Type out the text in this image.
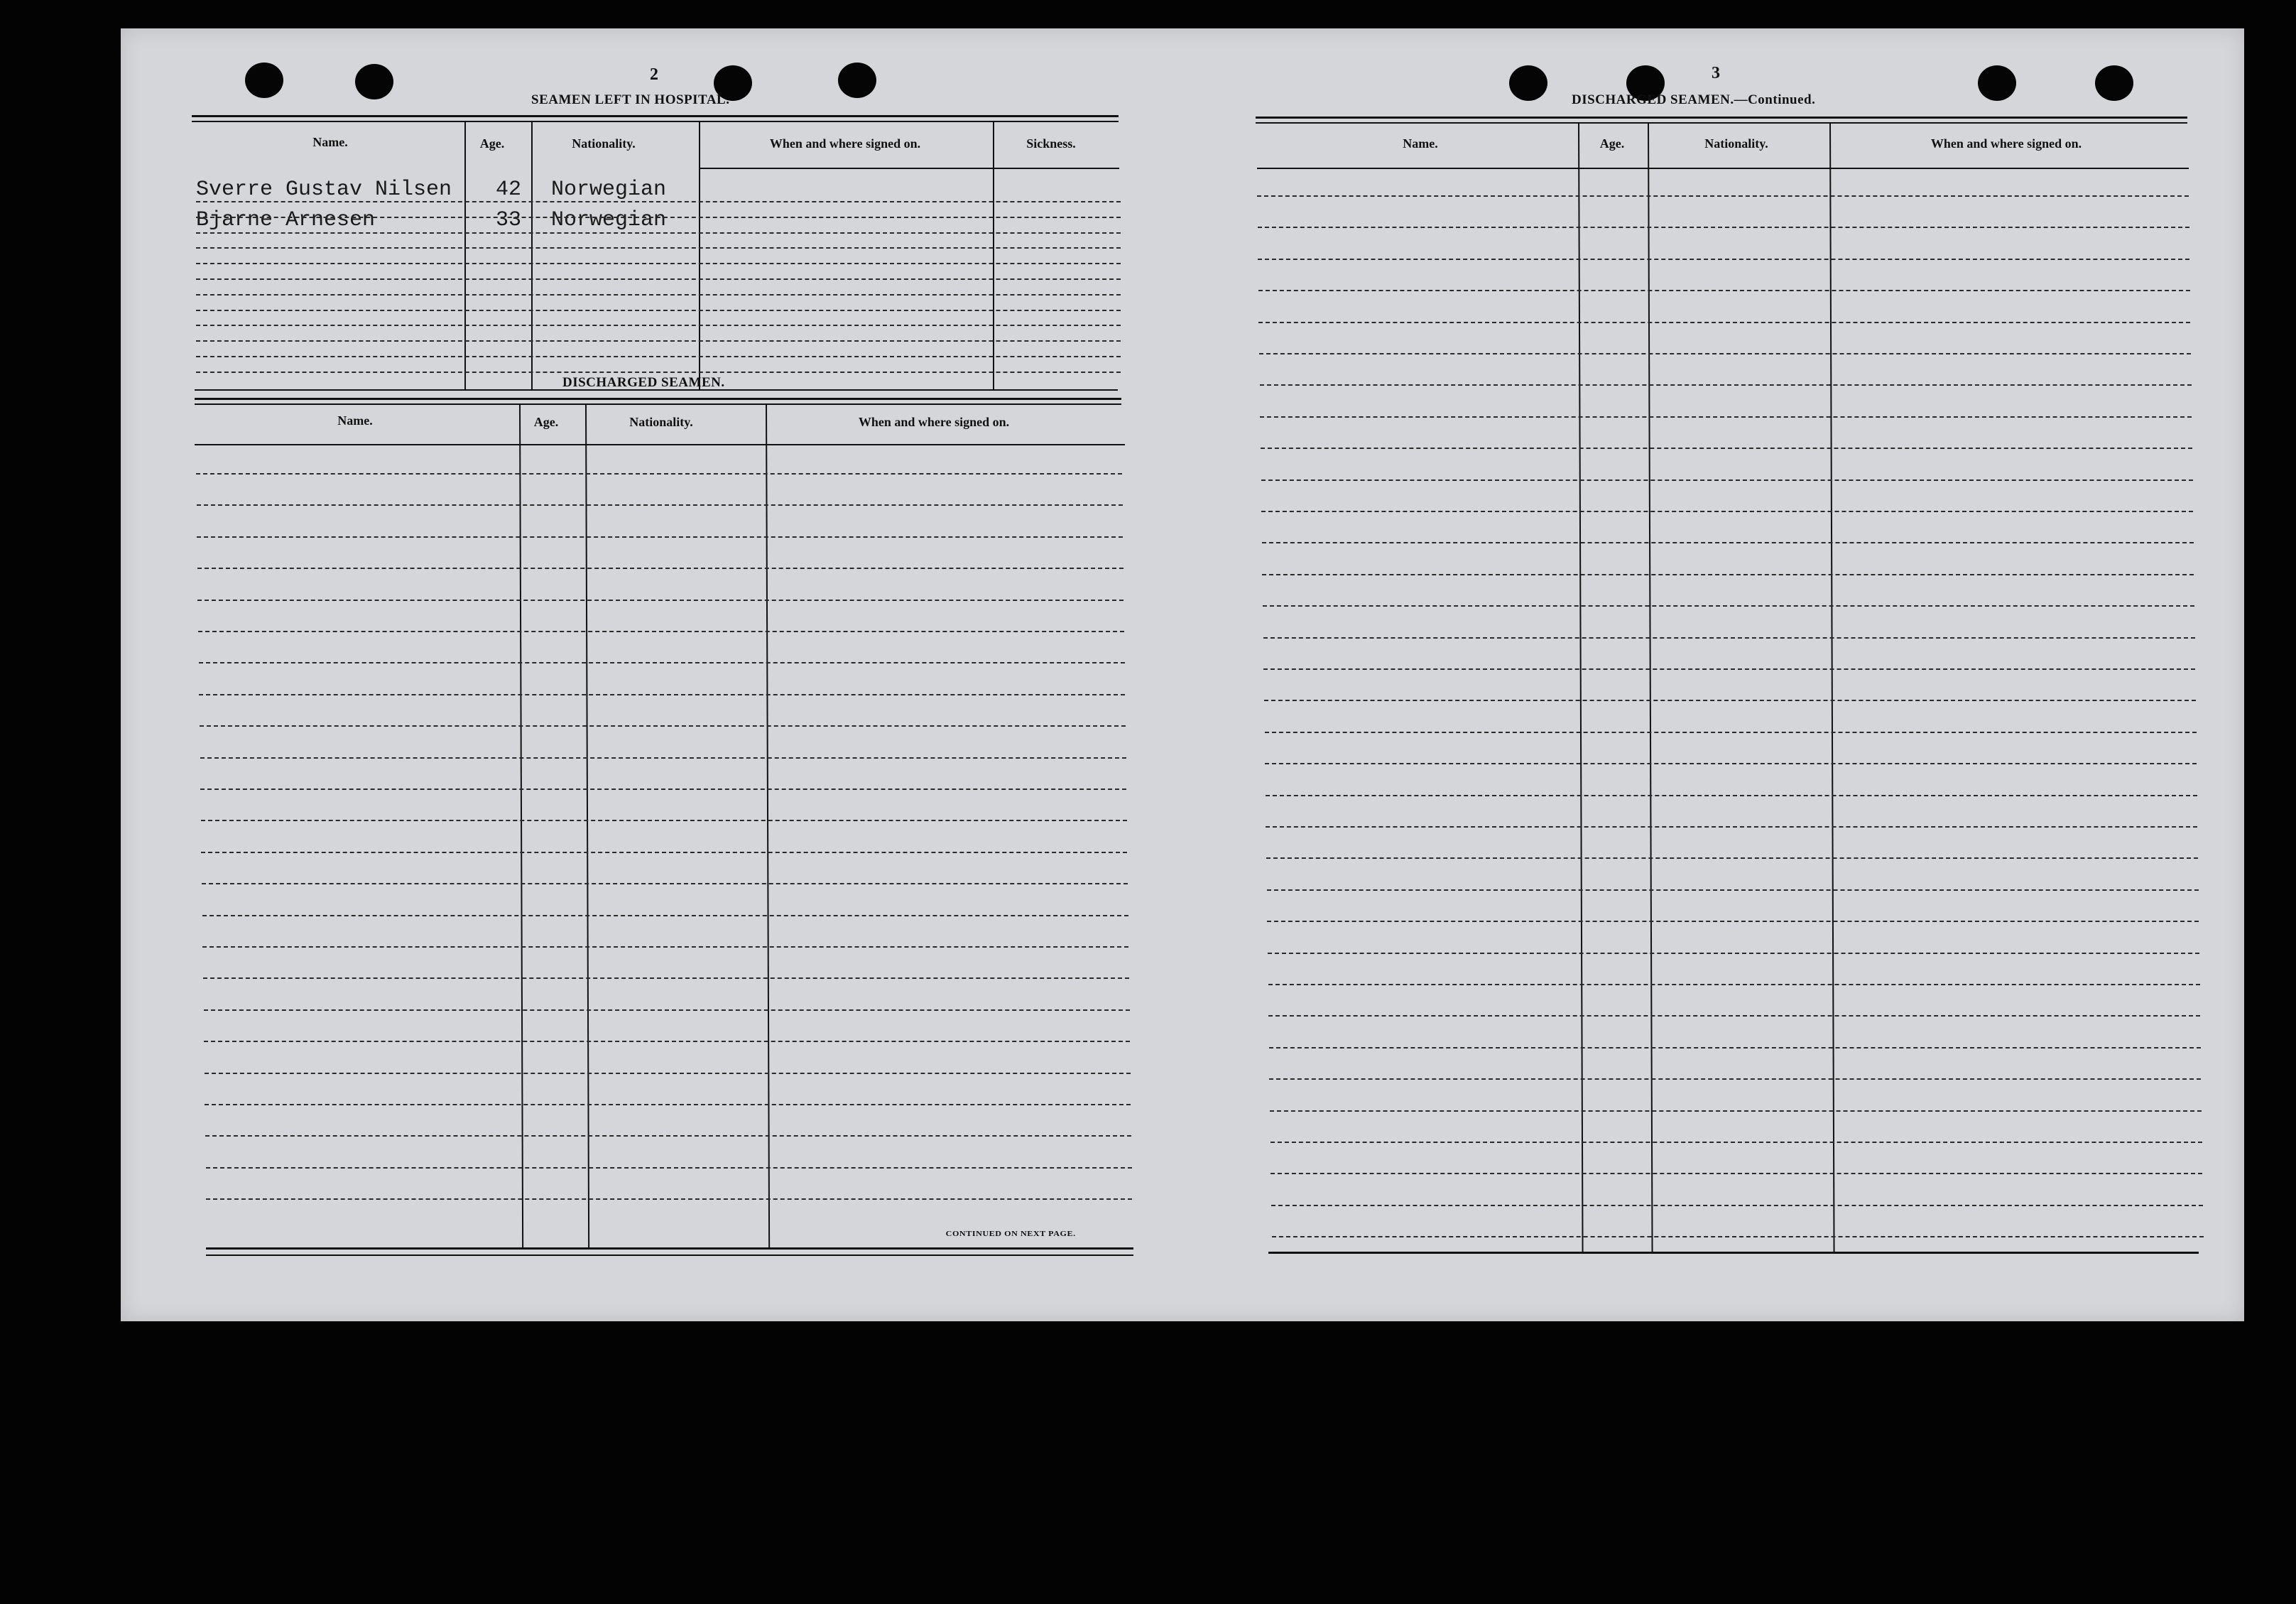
2
SEAMEN LEFT IN HOSPITAL.
Name.	Age.	Nationality.	When and where signed on.	Sickness.
Sverre Gustav Nilsen 42 Norwegian
Bjarne Arnesen	33 Norwegian
DISCHARGED SEAMEN.
Name.	Age.	Nationality.	When and where signed on.
CONTINUED ON NEXT PAGE.
3
DISCHARGED SEAMEN.—Continued.
Name.	Age.	Nationality.	When and where signed on.
